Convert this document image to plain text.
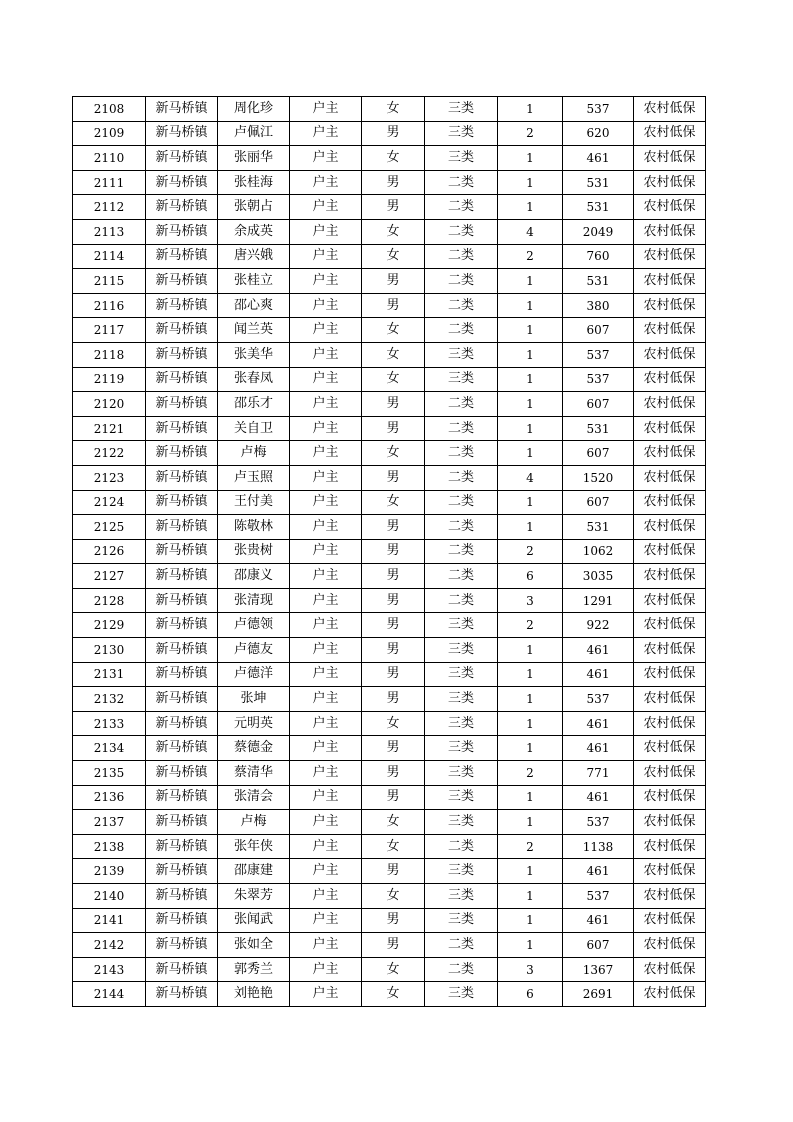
2108	新马桥镇	周化珍	户主	女	三类	1	537	农村低保
2109	新马桥镇	卢佩江	户主	男	三类	2	620	农村低保
2110	新马桥镇	张丽华	户主	女	三类	1	461	农村低保
2111	新马桥镇	张桂海	户主	男	二类	1	531	农村低保
2112	新马桥镇	张朝占	户主	男	二类	1	531	农村低保
2113	新马桥镇	余成英	户主	女	二类	4	2049	农村低保
2114	新马桥镇	唐兴娥	户主	女	二类	2	760	农村低保
2115	新马桥镇	张桂立	户主	男	二类	1	531	农村低保
2116	新马桥镇	邵心爽	户主	男	二类	1	380	农村低保
2117	新马桥镇	闻兰英	户主	女	二类	1	607	农村低保
2118	新马桥镇	张美华	户主	女	三类	1	537	农村低保
2119	新马桥镇	张春凤	户主	女	三类	1	537	农村低保
2120	新马桥镇	邵乐才	户主	男	二类	1	607	农村低保
2121	新马桥镇	关自卫	户主	男	二类	1	531	农村低保
2122	新马桥镇	卢梅	户主	女	二类	1	607	农村低保
2123	新马桥镇	卢玉照	户主	男	二类	4	1520	农村低保
2124	新马桥镇	王付美	户主	女	二类	1	607	农村低保
2125	新马桥镇	陈敬林	户主	男	二类	1	531	农村低保
2126	新马桥镇	张贵树	户主	男	二类	2	1062	农村低保
2127	新马桥镇	邵康义	户主	男	二类	6	3035	农村低保
2128	新马桥镇	张清现	户主	男	二类	3	1291	农村低保
2129	新马桥镇	卢德领	户主	男	三类	2	922	农村低保
2130	新马桥镇	卢德友	户主	男	三类	1	461	农村低保
2131	新马桥镇	卢德洋	户主	男	三类	1	461	农村低保
2132	新马桥镇	张坤	户主	男	三类	1	537	农村低保
2133	新马桥镇	元明英	户主	女	三类	1	461	农村低保
2134	新马桥镇	蔡德金	户主	男	三类	1	461	农村低保
2135	新马桥镇	蔡清华	户主	男	三类	2	771	农村低保
2136	新马桥镇	张清会	户主	男	三类	1	461	农村低保
2137	新马桥镇	卢梅	户主	女	三类	1	537	农村低保
2138	新马桥镇	张年侠	户主	女	二类	2	1138	农村低保
2139	新马桥镇	邵康建	户主	男	三类	1	461	农村低保
2140	新马桥镇	朱翠芳	户主	女	三类	1	537	农村低保
2141	新马桥镇	张闻武	户主	男	三类	1	461	农村低保
2142	新马桥镇	张如全	户主	男	二类	1	607	农村低保
2143	新马桥镇	郭秀兰	户主	女	二类	3	1367	农村低保
2144	新马桥镇	刘艳艳	户主	女	三类	6	2691	农村低保
